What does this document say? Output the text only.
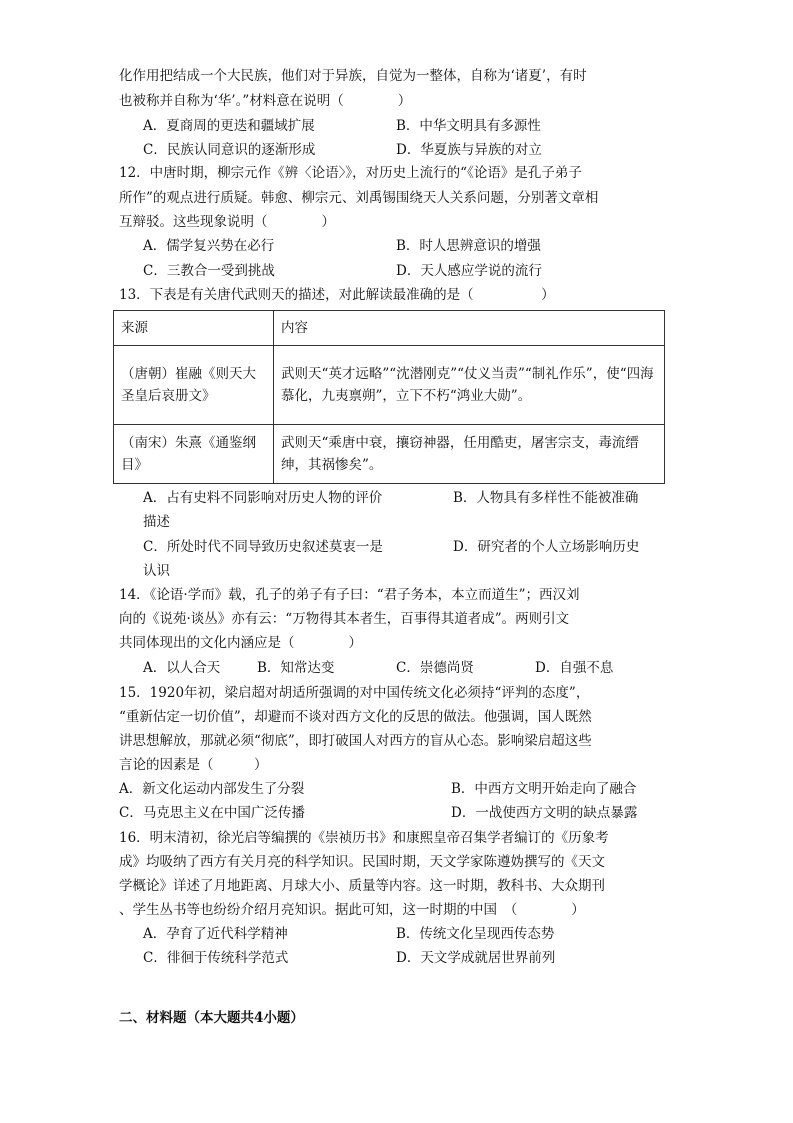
化作用把结成一个大民族，他们对于异族，自觉为一整体，自称为‘诸夏’，有时
也被称并自称为‘华’。”材料意在说明（　　　　）
A．夏商周的更迭和疆域扩展	B．中华文明具有多源性
C．民族认同意识的逐渐形成	D．华夏族与异族的对立
12．中唐时期，柳宗元作《辨〈论语〉》，对历史上流行的“《论语》是孔子弟子
所作”的观点进行质疑。韩愈、柳宗元、刘禹锡围绕天人关系问题，分别著文章相
互辩驳。这些现象说明（　　　　）
A．儒学复兴势在必行	B．时人思辨意识的增强
C．三教合一受到挑战	D．天人感应学说的流行
13．下表是有关唐代武则天的描述，对此解读最准确的是（　　　　　）
来源	内容
（唐朝）崔融《则天大圣皇后哀册文》	武则天“英才远略”“沈潜刚克”“仗义当责”“制礼作乐”，使“四海慕化，九夷禀朔”，立下不朽“鸿业大勋”。
（南宋）朱熹《通鉴纲目》	武则天“乘唐中衰，攘窃神器，任用酷吏，屠害宗支，毒流缙绅，其祸惨矣”。
A．占有史料不同影响对历史人物的评价	B．人物具有多样性不能被准确
描述
C．所处时代不同导致历史叙述莫衷一是	D．研究者的个人立场影响历史
认识
14．《论语·学而》载，孔子的弟子有子曰：“君子务本，本立而道生”；西汉刘
向的《说苑·谈丛》亦有云：“万物得其本者生，百事得其道者成”。两则引文
共同体现出的文化内涵应是（　　　　）
A．以人合天	B．知常达变	C．崇德尚贤	D．自强不息
15．1920年初，梁启超对胡适所强调的对中国传统文化必须持“评判的态度”，
“重新估定一切价值”，却避而不谈对西方文化的反思的做法。他强调，国人既然
讲思想解放，那就必须“彻底”，即打破国人对西方的盲从心态。影响梁启超这些
言论的因素是（　　　）
A．新文化运动内部发生了分裂	B．中西方文明开始走向了融合
C．马克思主义在中国广泛传播	D．一战使西方文明的缺点暴露
16．明末清初，徐光启等编撰的《崇祯历书》和康熙皇帝召集学者编订的《历象考
成》均吸纳了西方有关月亮的科学知识。民国时期，天文学家陈遵妫撰写的《天文
学概论》详述了月地距离、月球大小、质量等内容。这一时期，教科书、大众期刊
、学生丛书等也纷纷介绍月亮知识。据此可知，这一时期的中国　（　　　　）
A．孕育了近代科学精神	B．传统文化呈现西传态势
C．徘徊于传统科学范式	D．天文学成就居世界前列
二、材料题（本大题共4小题）
